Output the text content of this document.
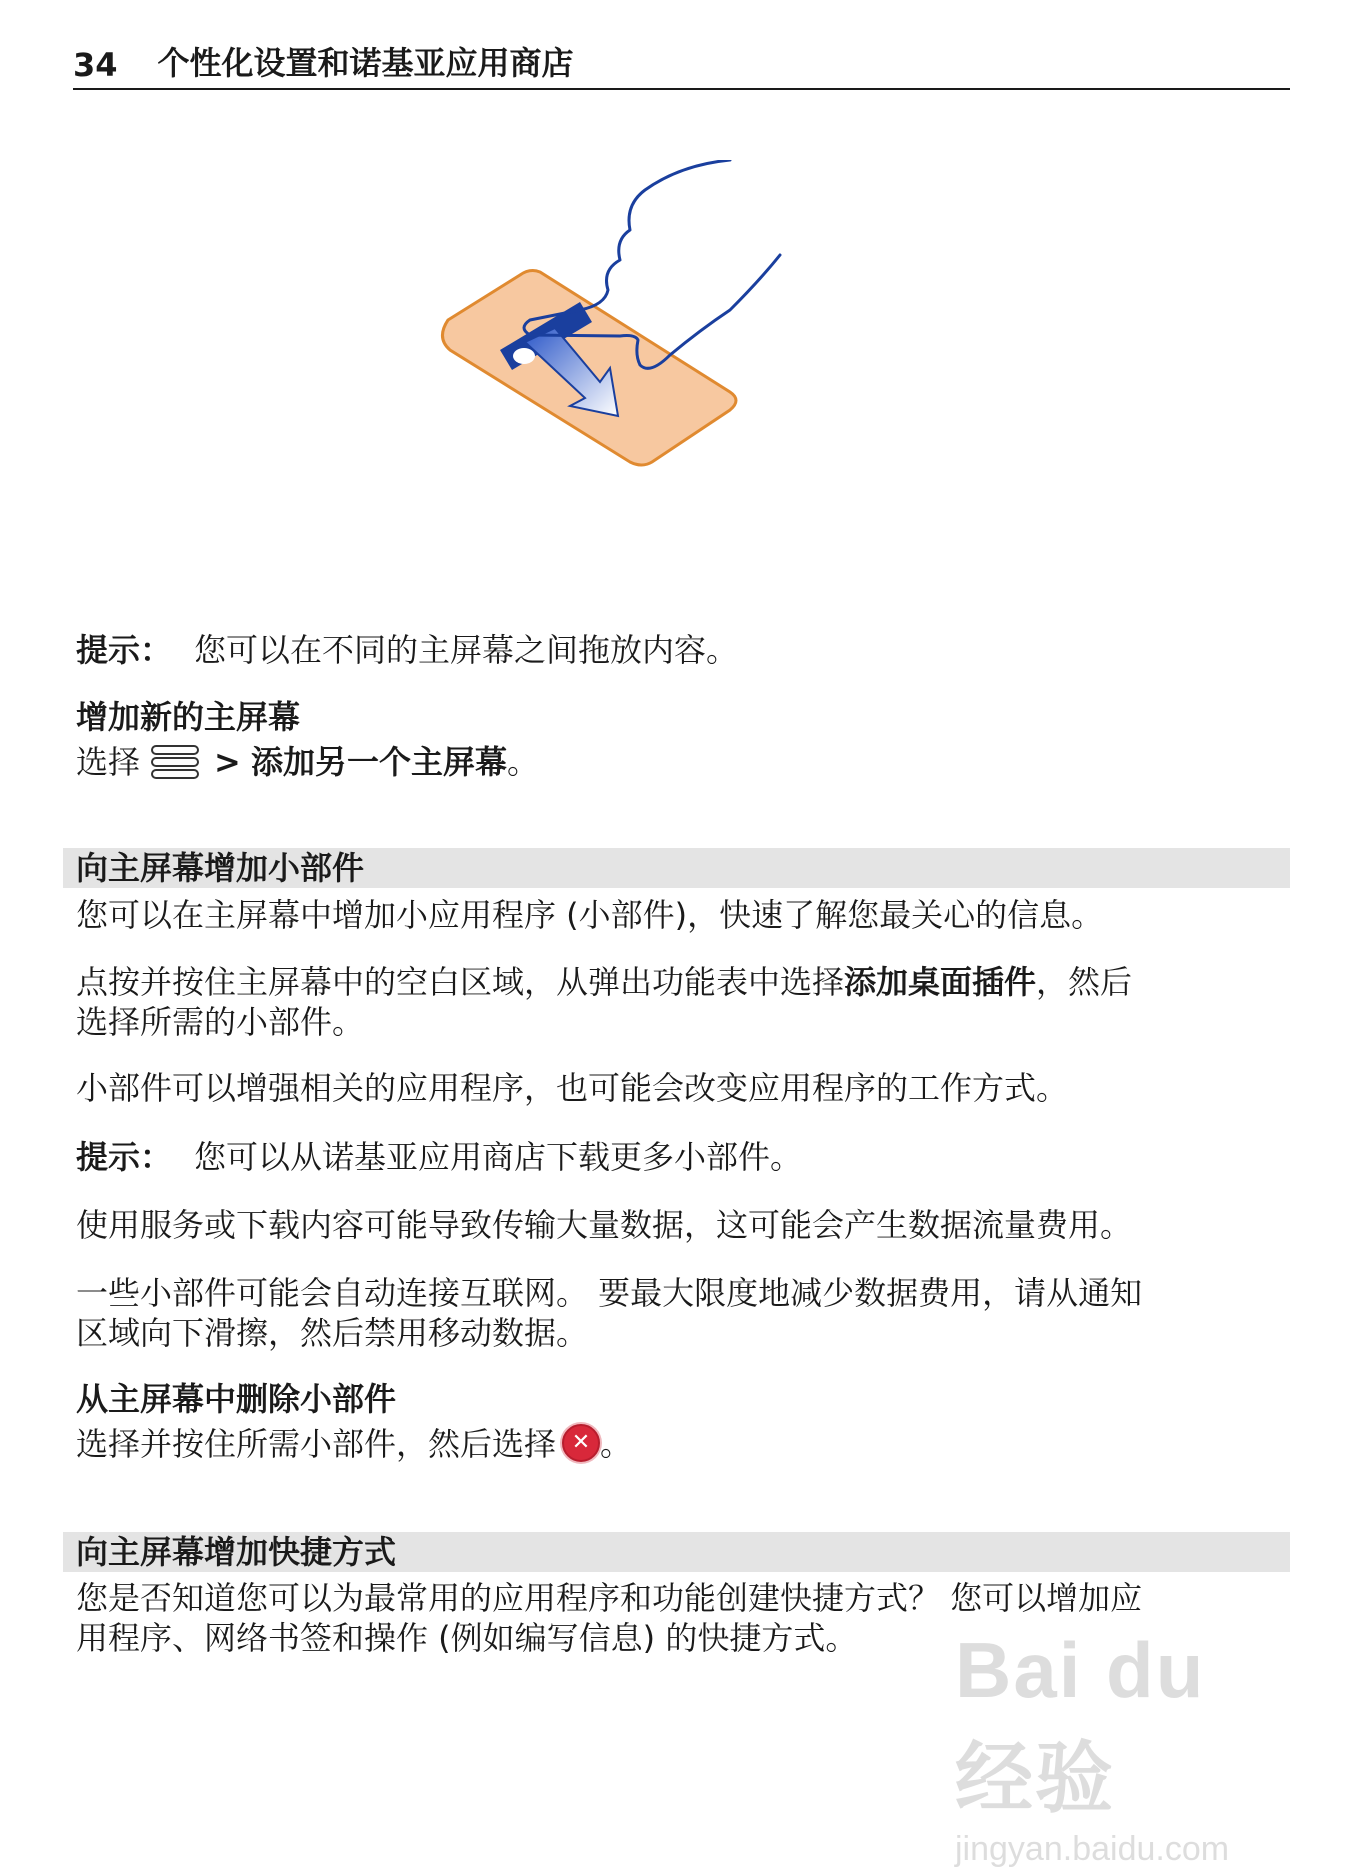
34 个性化设置和诺基亚应用商店
提示： 您可以在不同的主屏幕之间拖放内容。
增加新的主屏幕
选择 > 添加另一个主屏幕。
向主屏幕增加小部件
您可以在主屏幕中增加小应用程序 (小部件)，快速了解您最关心的信息。
点按并按住主屏幕中的空白区域，从弹出功能表中选择添加桌面插件，然后
选择所需的小部件。
小部件可以增强相关的应用程序，也可能会改变应用程序的工作方式。
提示： 您可以从诺基亚应用商店下载更多小部件。
使用服务或下载内容可能导致传输大量数据，这可能会产生数据流量费用。
一些小部件可能会自动连接互联网。 要最大限度地减少数据费用，请从通知
区域向下滑擦，然后禁用移动数据。
从主屏幕中删除小部件
选择并按住所需小部件，然后选择 ✕ 。
向主屏幕增加快捷方式
您是否知道您可以为最常用的应用程序和功能创建快捷方式？ 您可以增加应
用程序、网络书签和操作 (例如编写信息) 的快捷方式。	Bai du 经验
jingyan.baidu.com
